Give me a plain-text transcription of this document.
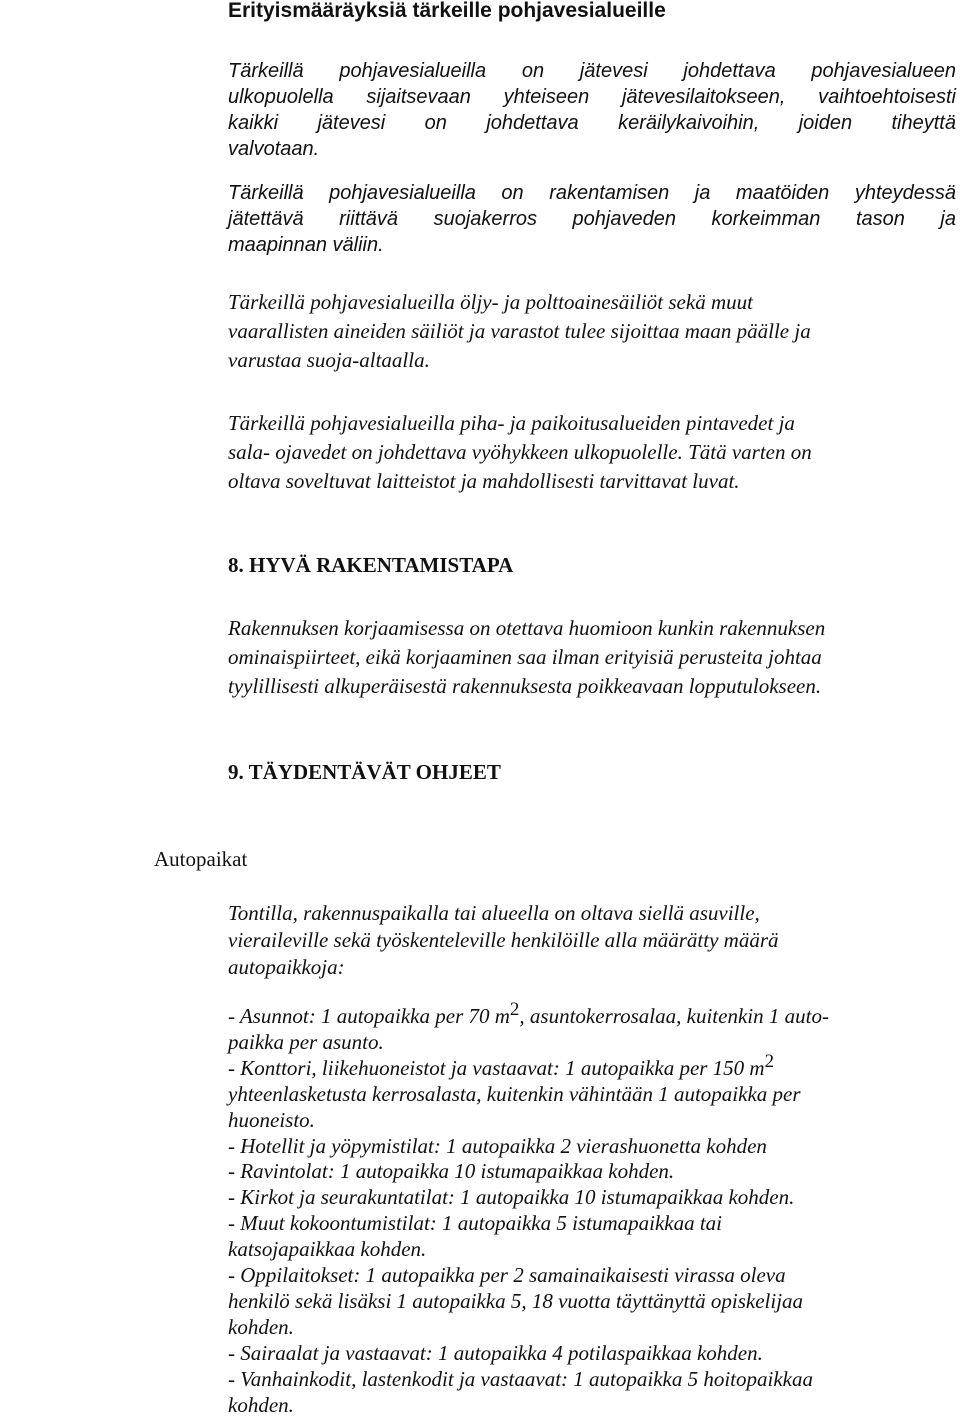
Erityismääräyksiä tärkeille pohjavesialueille

Tärkeillä pohjavesialueilla on jätevesi johdettava pohjavesialueen
ulkopuolella sijaitsevaan yhteiseen jätevesilaitokseen, vaihtoehtoisesti
kaikki jätevesi on johdettava keräilykaivoihin, joiden tiheyttä
valvotaan.

Tärkeillä pohjavesialueilla on rakentamisen ja maatöiden yhteydessä
jätettävä riittävä suojakerros pohjaveden korkeimman tason ja
maapinnan väliin.

Tärkeillä pohjavesialueilla öljy- ja polttoainesäiliöt sekä muut
vaarallisten aineiden säiliöt ja varastot tulee sijoittaa maan päälle ja
varustaa suoja-altaalla.

Tärkeillä pohjavesialueilla piha- ja paikoitusalueiden pintavedet ja
sala- ojavedet on johdettava vyöhykkeen ulkopuolelle. Tätä varten on
oltava soveltuvat laitteistot ja mahdollisesti tarvittavat luvat.

8. HYVÄ RAKENTAMISTAPA

Rakennuksen korjaamisessa on otettava huomioon kunkin rakennuksen
ominaispiirteet, eikä korjaaminen saa ilman erityisiä perusteita johtaa
tyylillisesti alkuperäisestä rakennuksesta poikkeavaan lopputulokseen.

9. TÄYDENTÄVÄT OHJEET
Autopaikat

Tontilla, rakennuspaikalla tai alueella on oltava siellä asuville,
vieraileville sekä työskenteleville henkilöille alla määrätty määrä
autopaikkoja:

- Asunnot: 1 autopaikka per 70 $m^2$, asuntokerrosalaa, kuitenkin 1 auto-
paikka per asunto.
- Konttori, liikehuoneistot ja vastaavat: 1 autopaikka per 150 $m^2$
yhteenlasketusta kerrosalasta, kuitenkin vähintään 1 autopaikka per
huoneisto.
- Hotellit ja yöpymistilat: 1 autopaikka 2 vierashuonetta kohden
- Ravintolat: 1 autopaikka 10 istumapaikkaa kohden.
- Kirkot ja seurakuntatilat: 1 autopaikka 10 istumapaikkaa kohden.
- Muut kokoontumistilat: 1 autopaikka 5 istumapaikkaa tai
katsojapaikkaa kohden.
- Oppilaitokset: 1 autopaikka per 2 samainaikaisesti virassa oleva
henkilö sekä lisäksi 1 autopaikka 5, 18 vuotta täyttänyttä opiskelijaa
kohden.
- Sairaalat ja vastaavat: 1 autopaikka 4 potilaspaikkaa kohden.
- Vanhainkodit, lastenkodit ja vastaavat: 1 autopaikka 5 hoitopaikkaa
kohden.
